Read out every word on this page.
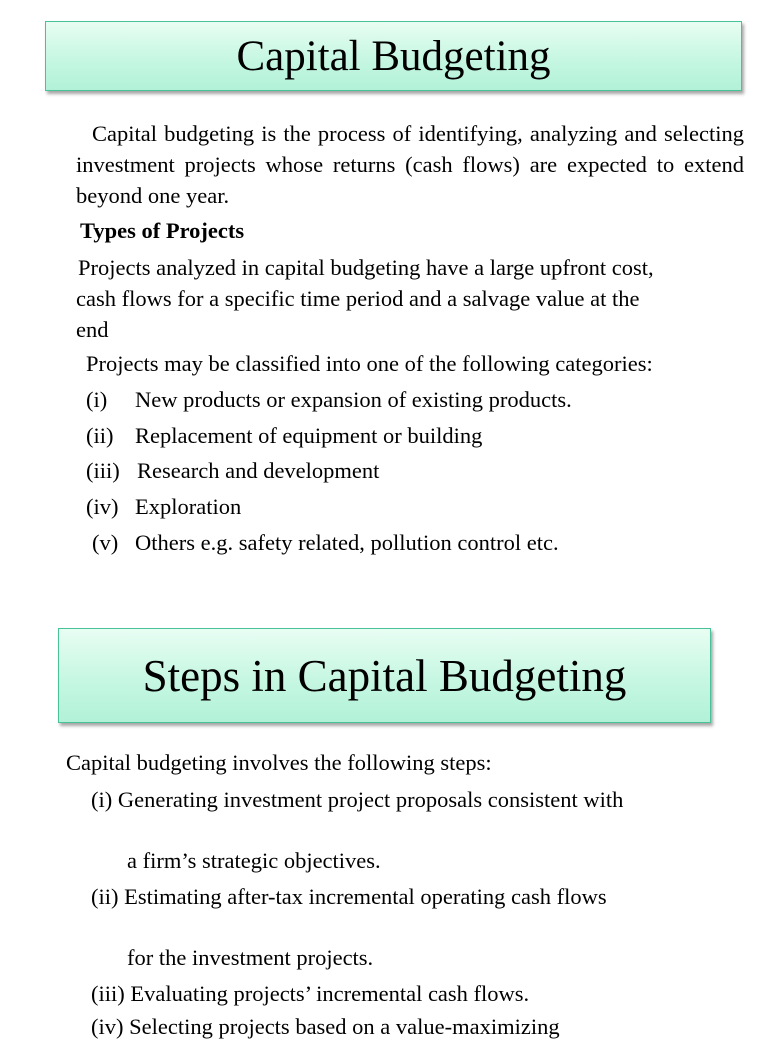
Capital Budgeting
Capital budgeting is the process of identifying, analyzing and selecting investment projects whose returns (cash flows) are expected to extend beyond one year.
Types of Projects
Projects analyzed in capital budgeting have a large upfront cost,
cash flows for a specific time period and a salvage value at the
end
Projects may be classified into one of the following categories:
(i) New products or expansion of existing products.
(ii) Replacement of equipment or building
(iii) Research and development
(iv) Exploration
(v) Others e.g. safety related, pollution control etc.
Steps in Capital Budgeting
Capital budgeting involves the following steps:
(i) Generating investment project proposals consistent with
a firm’s strategic objectives.
(ii) Estimating after-tax incremental operating cash flows
for the investment projects.
(iii) Evaluating projects’ incremental cash flows.
(iv) Selecting projects based on a value-maximizing
